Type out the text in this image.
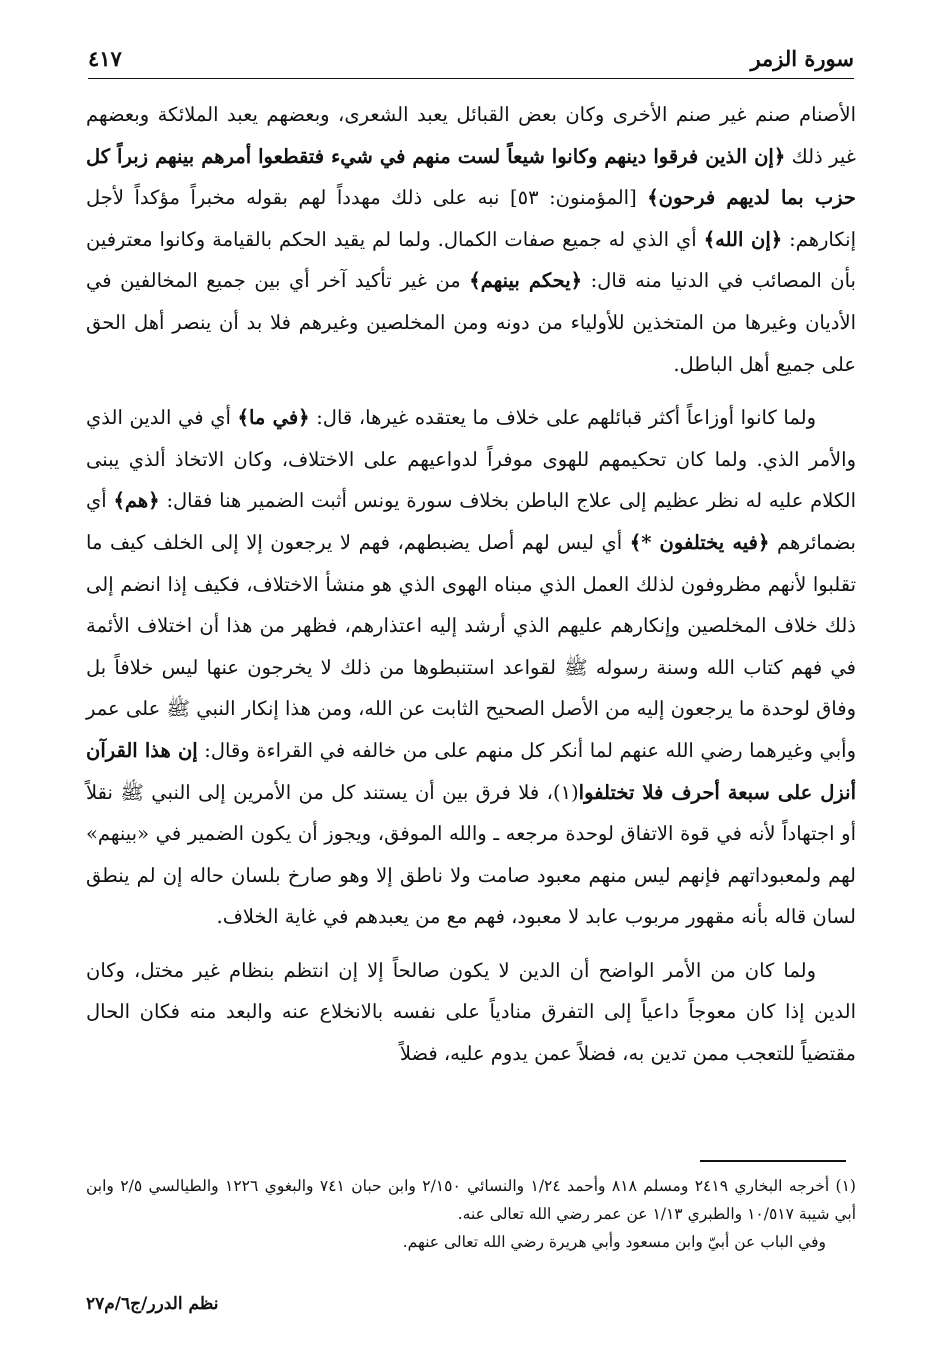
سورة الزمر
٤١٧

الأصنام صنم غير صنم الأخرى وكان بعض القبائل يعبد الشعرى، وبعضهم يعبد الملائكة وبعضهم غير ذلك ﴿إن الذين فرقوا دينهم وكانوا شيعاً لست منهم في شيء فتقطعوا أمرهم بينهم زبراً كل حزب بما لديهم فرحون﴾ [المؤمنون: ٥٣] نبه على ذلك مهدداً لهم بقوله مخبراً مؤكداً لأجل إنكارهم: ﴿إن الله﴾ أي الذي له جميع صفات الكمال. ولما لم يقيد الحكم بالقيامة وكانوا معترفين بأن المصائب في الدنيا منه قال: ﴿يحكم بينهم﴾ من غير تأكيد آخر أي بين جميع المخالفين في الأديان وغيرها من المتخذين للأولياء من دونه ومن المخلصين وغيرهم فلا بد أن ينصر أهل الحق على جميع أهل الباطل.

ولما كانوا أوزاعاً أكثر قبائلهم على خلاف ما يعتقده غيرها، قال: ﴿في ما﴾ أي في الدين الذي والأمر الذي. ولما كان تحكيمهم للهوى موفراً لدواعيهم على الاختلاف، وكان الاتخاذ ألذي يبنى الكلام عليه له نظر عظيم إلى علاج الباطن بخلاف سورة يونس أثبت الضمير هنا فقال: ﴿هم﴾ أي بضمائرهم ﴿فيه يختلفون *﴾ أي ليس لهم أصل يضبطهم، فهم لا يرجعون إلا إلى الخلف كيف ما تقلبوا لأنهم مظروفون لذلك العمل الذي مبناه الهوى الذي هو منشأ الاختلاف، فكيف إذا انضم إلى ذلك خلاف المخلصين وإنكارهم عليهم الذي أرشد إليه اعتذارهم، فظهر من هذا أن اختلاف الأئمة في فهم كتاب الله وسنة رسوله ﷺ لقواعد استنبطوها من ذلك لا يخرجون عنها ليس خلافاً بل وفاق لوحدة ما يرجعون إليه من الأصل الصحيح الثابت عن الله، ومن هذا إنكار النبي ﷺ على عمر وأبي وغيرهما رضي الله عنهم لما أنكر كل منهم على من خالفه في القراءة وقال: إن هذا القرآن أنزل على سبعة أحرف فلا تختلفوا(١)، فلا فرق بين أن يستند كل من الأمرين إلى النبي ﷺ نقلاً أو اجتهاداً لأنه في قوة الاتفاق لوحدة مرجعه ـ والله الموفق، ويجوز أن يكون الضمير في «بينهم» لهم ولمعبوداتهم فإنهم ليس منهم معبود صامت ولا ناطق إلا وهو صارخ بلسان حاله إن لم ينطق لسان قاله بأنه مقهور مربوب عابد لا معبود، فهم مع من يعبدهم في غاية الخلاف.

ولما كان من الأمر الواضح أن الدين لا يكون صالحاً إلا إن انتظم بنظام غير مختل، وكان الدين إذا كان معوجاً داعياً إلى التفرق منادياً على نفسه بالانخلاع عنه والبعد منه فكان الحال مقتضياً للتعجب ممن تدين به، فضلاً عمن يدوم عليه، فضلاً

(١) أخرجه البخاري ٢٤١٩ ومسلم ٨١٨ وأحمد ١/٢٤ والنسائي ٢/١٥٠ وابن حبان ٧٤١ والبغوي ١٢٢٦ والطيالسي ٢/٥ وابن أبي شيبة ١٠/٥١٧ والطبري ١/١٣ عن عمر رضي الله تعالى عنه.

وفي الباب عن أبيّ وابن مسعود وأبي هريرة رضي الله تعالى عنهم.

نظم الدرر/ج٦/م٢٧
